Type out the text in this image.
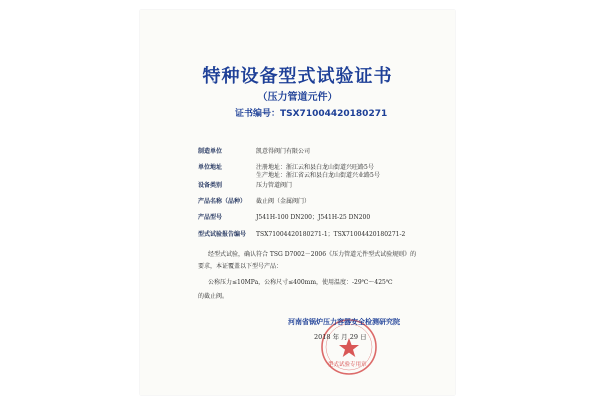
特种设备型式试验证书
（压力管道元件）
证书编号：TSX71004420180271
制造单位	凯意得阀门有限公司
单位地址	注册地址：浙江云和县白龙山街道兴旺路5号
生产地址：浙江省云和县白龙山街道兴业路5号
设备类别	压力管道阀门
产品名称（品种）	截止阀（金属阀门）
产品型号	J541H-100 DN200；J541H-25 DN200
型式试验报告编号	TSX71004420180271-1；TSX71004420180271-2
经型式试验，确认符合 TSG D7002－2006《压力管道元件型式试验规则》的
要求，本证覆盖以下型号产品：
公称压力≤10MPa，公称尺寸≤400mm，使用温度：-29℃～425℃
的截止阀。
河南省锅炉压力容器安全检测研究院
2018 年 月 29 日
型式试验专用章
